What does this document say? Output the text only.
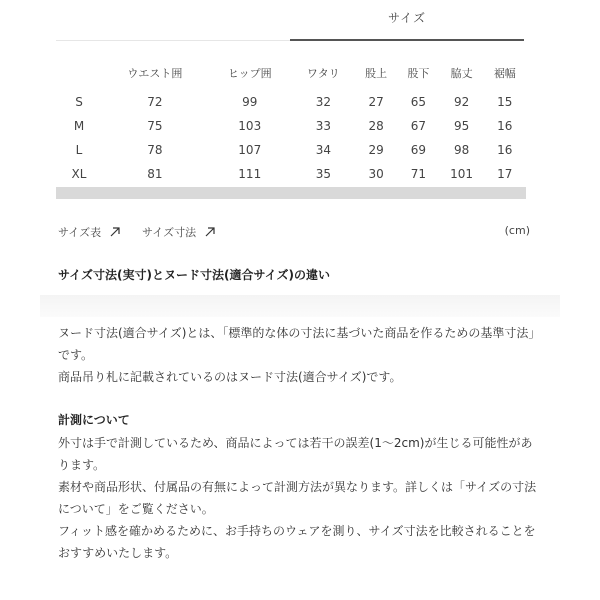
サイズ
	ウエスト囲	ヒップ囲	ワタリ	股上	股下	脇丈	裾幅
S	72	99	32	27	65	92	15
M	75	103	33	28	67	95	16
L	78	107	34	29	69	98	16
XL	81	111	35	30	71	101	17
サイズ表	サイズ寸法	(cm)
サイズ寸法(実寸)とヌード寸法(適合サイズ)の違い

ヌード寸法(適合サイズ)とは、「標準的な体の寸法に基づいた商品を作るための基準寸法」です。

商品吊り札に記載されているのはヌード寸法(適合サイズ)です。

計測について

外寸は手で計測しているため、商品によっては若干の誤差(1〜2cm)が生じる可能性があります。

素材や商品形状、付属品の有無によって計測方法が異なります。詳しくは「サイズの寸法について」をご覧ください。

フィット感を確かめるために、お手持ちのウェアを測り、サイズ寸法を比較されることをおすすめいたします。
